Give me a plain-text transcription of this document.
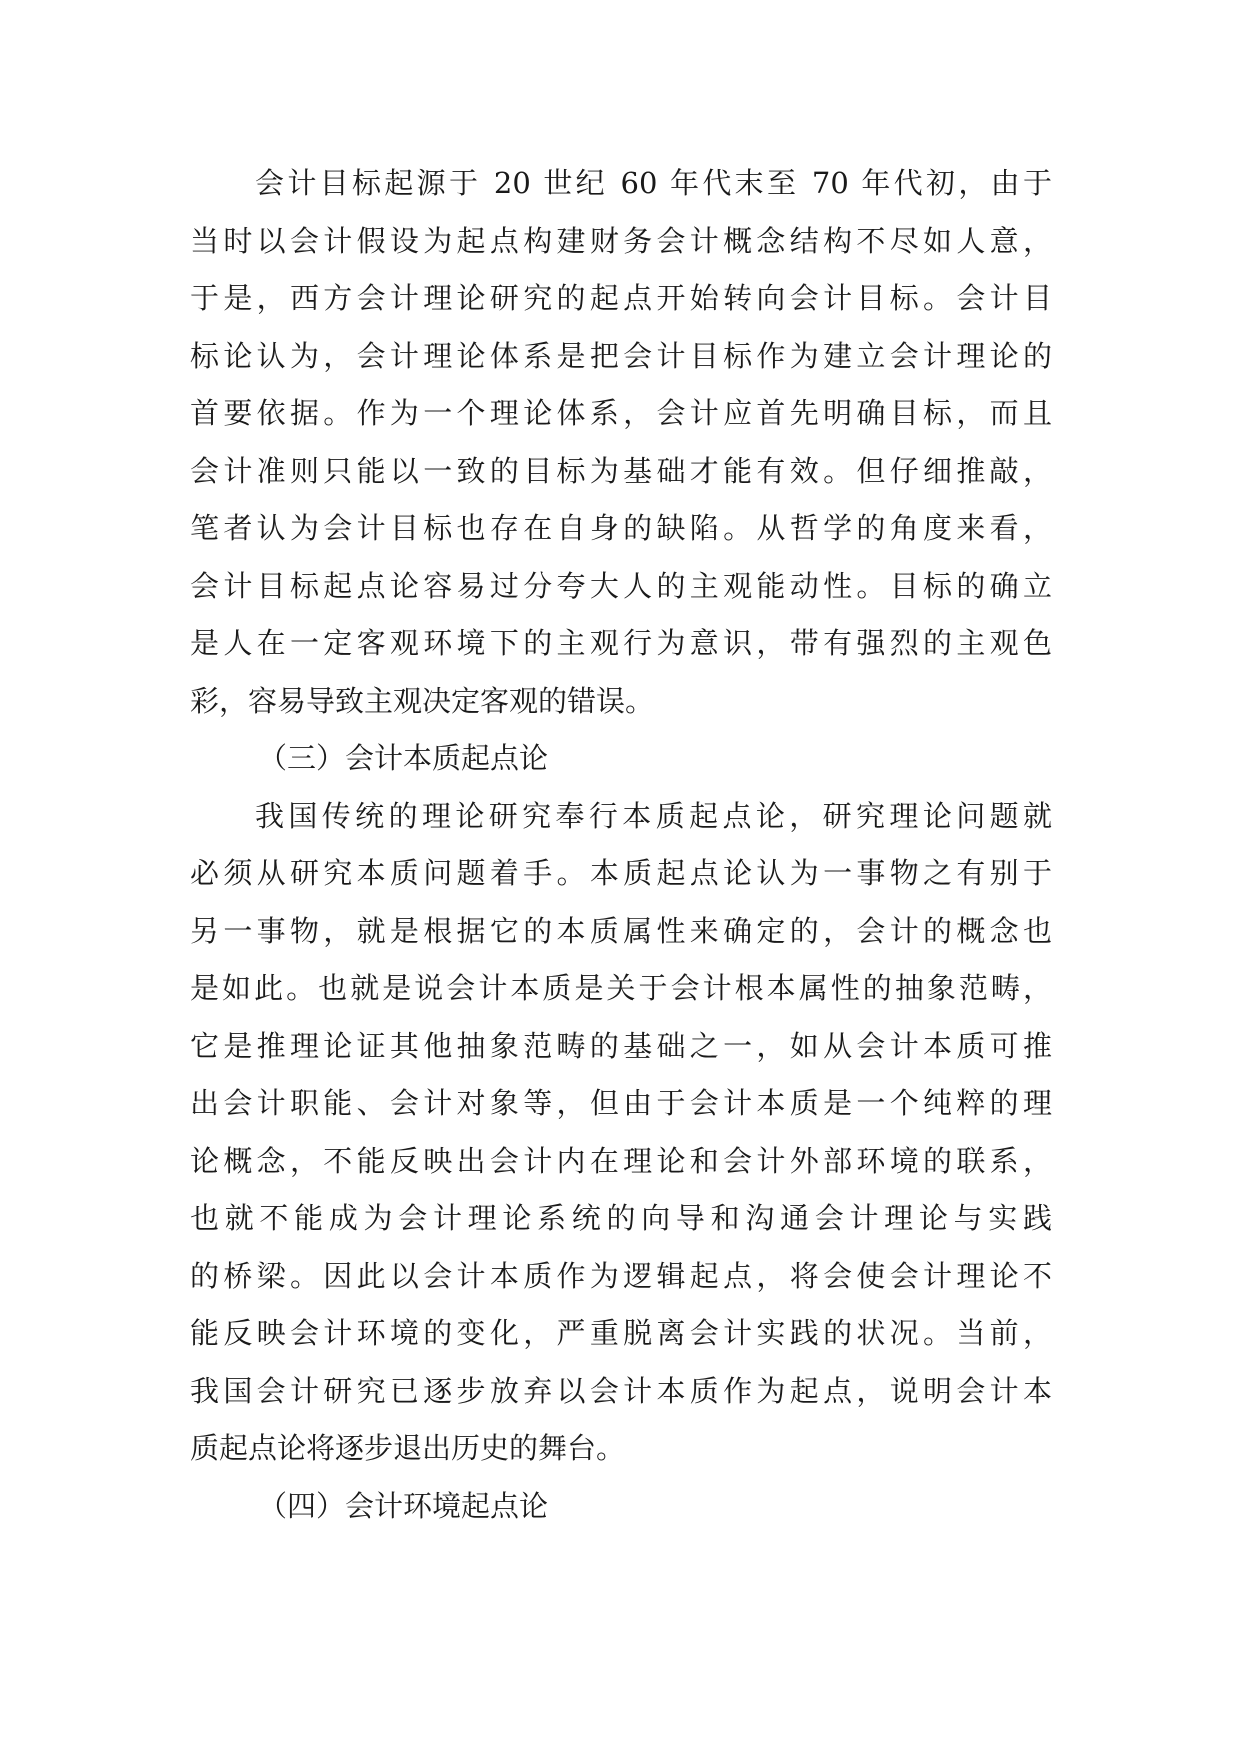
会计目标起源于 20 世纪 60 年代末至 70 年代初，由于
当时以会计假设为起点构建财务会计概念结构不尽如人意，
于是，西方会计理论研究的起点开始转向会计目标。会计目
标论认为，会计理论体系是把会计目标作为建立会计理论的
首要依据。作为一个理论体系，会计应首先明确目标，而且
会计准则只能以一致的目标为基础才能有效。但仔细推敲，
笔者认为会计目标也存在自身的缺陷。从哲学的角度来看，
会计目标起点论容易过分夸大人的主观能动性。目标的确立
是人在一定客观环境下的主观行为意识，带有强烈的主观色
彩，容易导致主观决定客观的错误。
（三）会计本质起点论
我国传统的理论研究奉行本质起点论，研究理论问题就
必须从研究本质问题着手。本质起点论认为一事物之有别于
另一事物，就是根据它的本质属性来确定的，会计的概念也
是如此。也就是说会计本质是关于会计根本属性的抽象范畴，
它是推理论证其他抽象范畴的基础之一，如从会计本质可推
出会计职能、会计对象等，但由于会计本质是一个纯粹的理
论概念，不能反映出会计内在理论和会计外部环境的联系，
也就不能成为会计理论系统的向导和沟通会计理论与实践
的桥梁。因此以会计本质作为逻辑起点，将会使会计理论不
能反映会计环境的变化，严重脱离会计实践的状况。当前，
我国会计研究已逐步放弃以会计本质作为起点，说明会计本
质起点论将逐步退出历史的舞台。
（四）会计环境起点论
